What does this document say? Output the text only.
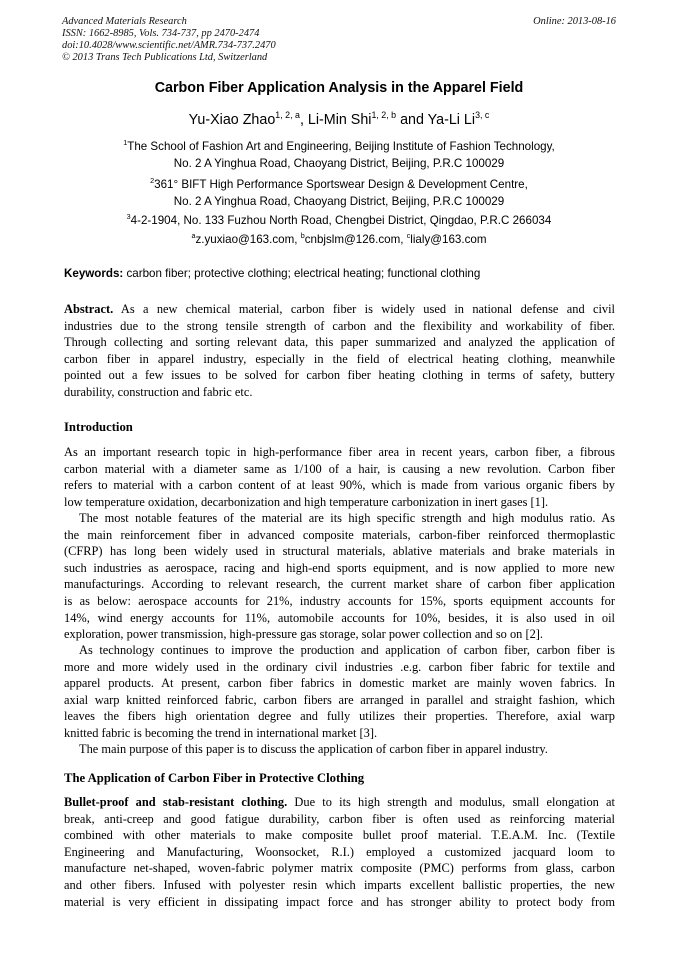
Advanced Materials Research
ISSN: 1662-8985, Vols. 734-737, pp 2470-2474
doi:10.4028/www.scientific.net/AMR.734-737.2470
© 2013 Trans Tech Publications Ltd, Switzerland
Online: 2013-08-16
Carbon Fiber Application Analysis in the Apparel Field
Yu-Xiao Zhao$^{1, 2, a}$, Li-Min Shi$^{1, 2, b}$ and Ya-Li Li$^{3, c}$
$^1$The School of Fashion Art and Engineering, Beijing Institute of Fashion Technology,
No. 2 A Yinghua Road, Chaoyang District, Beijing, P.R.C 100029
$^2$361° BIFT High Performance Sportswear Design & Development Centre,
No. 2 A Yinghua Road, Chaoyang District, Beijing, P.R.C 100029
$^3$4-2-1904, No. 133 Fuzhou North Road, Chengbei District, Qingdao, P.R.C 266034
$^a$z.yuxiao@163.com, $^b$cnbjslm@126.com, $^c$lialy@163.com
Keywords: carbon fiber; protective clothing; electrical heating; functional clothing
Abstract. As a new chemical material, carbon fiber is widely used in national defense and civil
industries due to the strong tensile strength of carbon and the flexibility and workability of fiber.
Through collecting and sorting relevant data, this paper summarized and analyzed the application of
carbon fiber in apparel industry, especially in the field of electrical heating clothing, meanwhile
pointed out a few issues to be solved for carbon fiber heating clothing in terms of safety, buttery
durability, construction and fabric etc.
Introduction
As an important research topic in high-performance fiber area in recent years, carbon fiber, a fibrous
carbon material with a diameter same as 1/100 of a hair, is causing a new revolution. Carbon fiber
refers to material with a carbon content of at least 90%, which is made from various organic fibers by
low temperature oxidation, decarbonization and high temperature carbonization in inert gases [1].
The most notable features of the material are its high specific strength and high modulus ratio. As
the main reinforcement fiber in advanced composite materials, carbon-fiber reinforced thermoplastic
(CFRP) has long been widely used in structural materials, ablative materials and brake materials in
such industries as aerospace, racing and high-end sports equipment, and is now applied to more new
manufacturings. According to relevant research, the current market share of carbon fiber application
is as below: aerospace accounts for 21%, industry accounts for 15%, sports equipment accounts for
14%, wind energy accounts for 11%, automobile accounts for 10%, besides, it is also used in oil
exploration, power transmission, high-pressure gas storage, solar power collection and so on [2].
As technology continues to improve the production and application of carbon fiber, carbon fiber is
more and more widely used in the ordinary civil industries .e.g. carbon fiber fabric for textile and
apparel products. At present, carbon fiber fabrics in domestic market are mainly woven fabrics. In
axial warp knitted reinforced fabric, carbon fibers are arranged in parallel and straight fashion, which
leaves the fibers high orientation degree and fully utilizes their properties. Therefore, axial warp
knitted fabric is becoming the trend in international market [3].
The main purpose of this paper is to discuss the application of carbon fiber in apparel industry.
The Application of Carbon Fiber in Protective Clothing
Bullet-proof and stab-resistant clothing. Due to its high strength and modulus, small elongation at
break, anti-creep and good fatigue durability, carbon fiber is often used as reinforcing material
combined with other materials to make composite bullet proof material. T.E.A.M. Inc. (Textile
Engineering and Manufacturing, Woonsocket, R.I.) employed a customized jacquard loom to
manufacture net-shaped, woven-fabric polymer matrix composite (PMC) performs from glass, carbon
and other fibers. Infused with polyester resin which imparts excellent ballistic properties, the new
material is very efficient in dissipating impact force and has stronger ability to protect body from
